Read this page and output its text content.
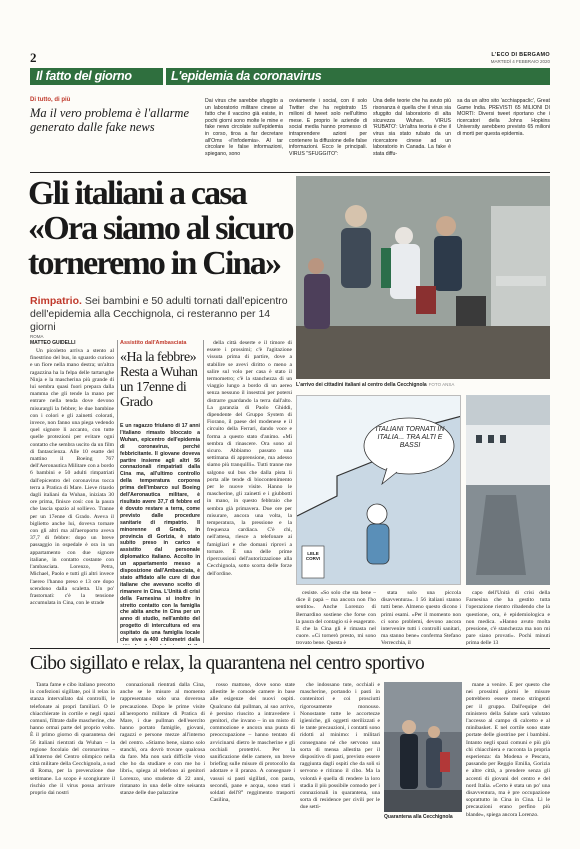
2	L'ECO DI BERGAMO
MARTEDÌ 4 FEBBRAIO 2020
Il fatto del giorno	L'epidemia da coronavirus
Di tutto, di più
Ma il vero problema è l'allarme generato dalle fake news
Dai virus che sarebbe sfuggito a un laboratorio militare cinese al fatto che il vaccino già esiste, in pochi giorni sono molte le mine e fake news circolate sull'epidemia in corso, tiroa a far decretare all'Oms «l'infodemia». Al tar circolare le false informazioni, spiegano, sono
ovviamente i social, con il solo Twitter che ha registrato 15 milioni di tweet solo nell'ultimo mese. E proprio le aziende di social media hanno promesso di intraprendere azioni per contenere la diffusione delle false informazioni. Ecco le principali. VIRUS "SFUGGITO":
Una delle teorie che ha avuto più risonanza è quella che il virus sia sfuggito dal laboratorio di alta sicurezza Wuhan. VIRUS 'RUBATO': Un'altra teoria è che il virus sia stato rubato da un ricercatore cinese ad un laboratorio in Canada. La fake è stata diffu-
sa da un altro sito 'acchiappaclic', Great Game India. PREVISTI 65 MILIONI DI MORTI: Diversi tweet riportano che i ricercatori della Johns Hopkins University avrebbero previsto 65 milioni di morti per questa epidemia.
Gli italiani a casa
«Ora siamo al sicuro
torneremo in Cina»
Rimpatrio. Sei bambini e 50 adulti tornati dall'epicentro dell'epidemia alla Cecchignola, ci resteranno per 14 giorni
L'arrivo dei cittadini italiani al centro della Cecchignola FOTO ANSA
ROMA
MATTEO GUIDELLI

Un picoletto arriva a stento al finestrino del bus, in sguardo curioso e un fiore nella mano destra; un'altra ragazzina ha la felpa delle tartarughe Ninja e la mascherina più grande di lui sembra quasi fuori prepara dalla mamma che gli tende la mano per entrare nella tenda dove devono misurargli la febbre; le due bambine con i colori e gli zainetti colorati, invece, non fanno una piega vedendo quel signore li accanto, con tutte quelle protezioni per evitare ogni contatto che sembra uscito da un film di fantascienza. Alle 10 esatte del mattino il Boeing 767 dell'Aeronautica Militare con a bordo 6 bambini e 50 adulti rimpatriati dall'epicentro del coronavirus tocca terra a Pratica di Mare. Lieve ritardo dagli italiani da Wuhan, iniziata 30 ore prima, finisce così: con la paura che lascia spazio al sollievo. Tranne per un 17enne di Grado. Aveva il biglietto anche lui, doveva tornare con gli altri ma all'aeroporto aveva 37,7 di febbre: dopo un breve passaggio in ospedale è ora in un appartamento con due signore italiane, in contatto costante con l'ambasciata. Lorenzo, Petra, Michael, Paolo e tutti gli altri invece l'aereo l'hanno preso e 13 ore dopo scendono dalla scaletta. Un po' frastornati: c'è la tensione accumulata in Cina, con le strade

Assistito dall'Ambasciata
«Ha la febbre» Resta a Wuhan un 17enne di Grado
È un ragazzo friulano di 17 anni l'italiano rimasto bloccato a Wuhan, epicentro dell'epidemia di coronavirus, perché febbricitante. Il giovane doveva partire insieme agli altri 56 connazionali rimpatriati dalla Cina ma, all'ultimo controllo della temperatura corporea prima dell'imbarco sul Boeing dell'Aeronautica militare, è risultato avere 37,7 di febbre ed è dovuto restare a terra, come previsto dalle procedure sanitarie di rimpatrio. Il minorenne di Grado, in provincia di Gorizia, è stato subito preso in carico e assistito dal personale diplomatico italiano. Accolto in un appartamento messo a disposizione dall'Ambasciata, è stato affidato alle cure di due italiane che avevano scelto di rimanere in Cina. L'Unità di crisi della Farnesina si inoltre in stretto contatto con la famiglia che abita anche in Cina per un anno di studio, nell'ambito del progetto di intercultura ed era ospitato da una famiglia locale che vive a 400 chilometri dalla

della città deserte e il timore di essere i prossimi; c'è l'agitazione vissuta prima di partire, dove a stabilire se avevi diritto o meno a salire sul volo per casa è stato il termometro; c'è la stanchezza di un viaggio lungo a bordo di un aereo senza nessuno il insestrai per potersi distrarre guardando la terra dall'alto. La garanzia di Paolo Ghiddi, dipendente del Gruppo System di Fiorano, il paese del modenese e il circuito della Ferrari, dando voce e forma a questo stato d'animo. «Mi sembra di rinascere. Ora sono al sicuro. Abbiamo passato una settimana di apprensione, ma adesso siamo più tranquilli». Tutti tranne me salgono sul bus che dalla pista li porta alle tende di biocontenimento per le nuove visite. Hanno le mascherine, gli zainetti e i giubbotti in mano, in questo febbraio che sembra già primavera. Due ore per misurare, ancora una volta, la temperatura, la pressione e la frequenza cardiaca. C'è chi, nell'attesa, riesce a telefonare ai famigliari e che domani riprovi a tornare. È una delle prime ripercussioni dell'autorizzazione alla Cecchignola, sotto scorta delle forze dell'ordine.

ITALIANI TORNATI IN ITALIA... TRA ALTI E BASSI
LELE CORVI

cesiste. «So solo che sta bene – dice il papà – ma ancora non l'ho sentito». Anche Lorenzo di Bernardino sostiene che forse con la paura del contagio si è esagerato. E che la Cina gli è rimasta nel cuore. «Ci tornerò presto, mi sono trovato bene. Questa è

stata solo una piccola disavventura». I 56 italiani stanno tutti bene. Almeno questo dicono i primi esami. «Per il momento non ci sono problemi, devono ancora intervenire tutti i controlli sanitari, ma stanno bene» conferma Stefano Verrecchia, il

capo dell'Unità di crisi della Farnesina che ha gestito tutta l'operazione rientro ribadendo che la questione, ora, è epidemiologica e non medica. «Hanno avuto molta pressione, c'è stanchezza ma non mi pare siano provati». Pochi minuti prima delle 13

Cibo sigillato e relax, la quarantena nel centro sportivo

Tanta fame e cibo italiano precotto in confezioni sigillate, poi il relax in stanza intervallato dai controlli, le telefonate ai propri familiari. O le chiacchierate in cortile e negli spazi comuni, filtrate dalle mascherine, che hanno ormai parte del proprio volto. È il primo giorno di quarantena dei 56 italiani rientrati da Wuhan – la regione focolaio del coronavirus – all'interno del Centro olimpico nella città militare della Cecchignola, a sud di Roma, per la prevenzione due settimane. Lo scopo è scongiurare il rischio che il virus possa arrivare proprio dai nostri

connazionali rientrati dalla Cina, anche se le misure al momento rappresentano solo una doverosa precauzione. Dopo le prime visite all'aeroporto militare di Pratica di Mare, i due pullman dell'esercito hanno portato famiglie, giovani, ragazzi e persone mezze all'interno del centro. «Stiamo bene, siamo solo stanchi, ora dovrò trovare qualcosa da fare. Ma non sarà difficile visto che ho da studiare e con me ho i libri», spiega al telefono ai genitori Lorenzo, uno studente di 22 anni, rintanato in una delle oltre seisanta stanze delle due palazzine

rosso mattone, dove sono state allestite le comode camere in base alle esigenze dei nuovi ospiti. Qualcuno dal pullman, al suo arrivo, è persino riuscito a intravedere i genitori, che invano – in un misto di commozione e ancora una punta di preoccupazione – hanno tentato di avvicinarsi dietro le mascherine e gli occhiali protettivi. Per la sanificazione delle camere, un breve briefing sulle misure di protocollo da adottare e il pranzo. A consegnare i vassoi si pasti sigillati, con pasta, secondi, pane e acqua, sono stati i soldati dell'8° reggimento trasporti Casilina,

che indossano tute, occhiali e mascherine, portando i pasti in contenitori e coi prosciutti rigorosamente monouso. Nonostante tutte le accortezze igieniche, gli oggetti sterilizzati e le tante precauzioni, i contatti sono ridotti al minimo: i militari consegnano né che servono una sorta di mensa allestita per il dispositivo di pasti, previsto essere raggiunta dagli ospiti che da soli si servono e ritirano il cibo. Ma la volontà è quella di rendere la loro stadia il più possibile comodo per i connazionali in quarantena, una sorta di residence per civili per le due setti-

Quarantena alla Cecchignola

mane a venire. È per questo che nei prossimi giorni le misure potrebbero essere meno stringenti per il gruppo. Dall'equipe del ministero della Salute sarà valutato l'accesso al campo di calcetto e al minibasket. E nel cortile sono state portate delle giostrine per i bambini. Intanto negli spazi comuni e più giù chi chiacchiera e racconta la propria esperienza: da Modena e Pescara, passando per Reggio Emilia, Gorizia e altre città, a prendere senza gli accenti di giovani del centro e del nord Italia. «Certo è stata un po' una disavventura, ma è pre occupazione soprattutto in Cina in Cina. Lì le precauzioni erano perfino più blande», spiega ancora Lorenzo.
